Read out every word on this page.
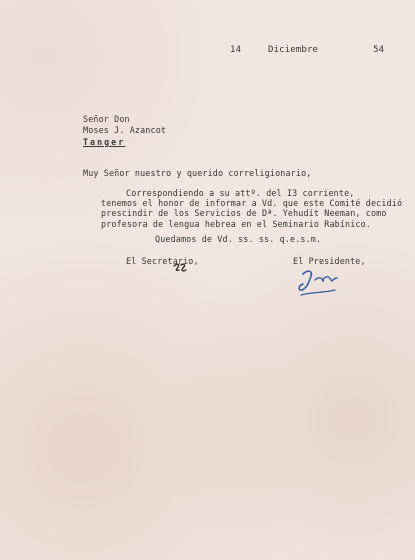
14	Diciembre	54
Señor Don
Moses J. Azancot
Tanger
Muy Señor nuestro y querido correligionario,
Correspondiendo a su attº. del I3 corriente,
tenemos el honor de informar a Vd. que este Comité decidió
prescindir de los Servicios de Dª. Yehudit Neeman, como
profesora de lengua hebrea en el Seminario Rabínico.
Quedamos de Vd. ss. ss. q.e.s.m.
El Secretario,	El Presidente,
